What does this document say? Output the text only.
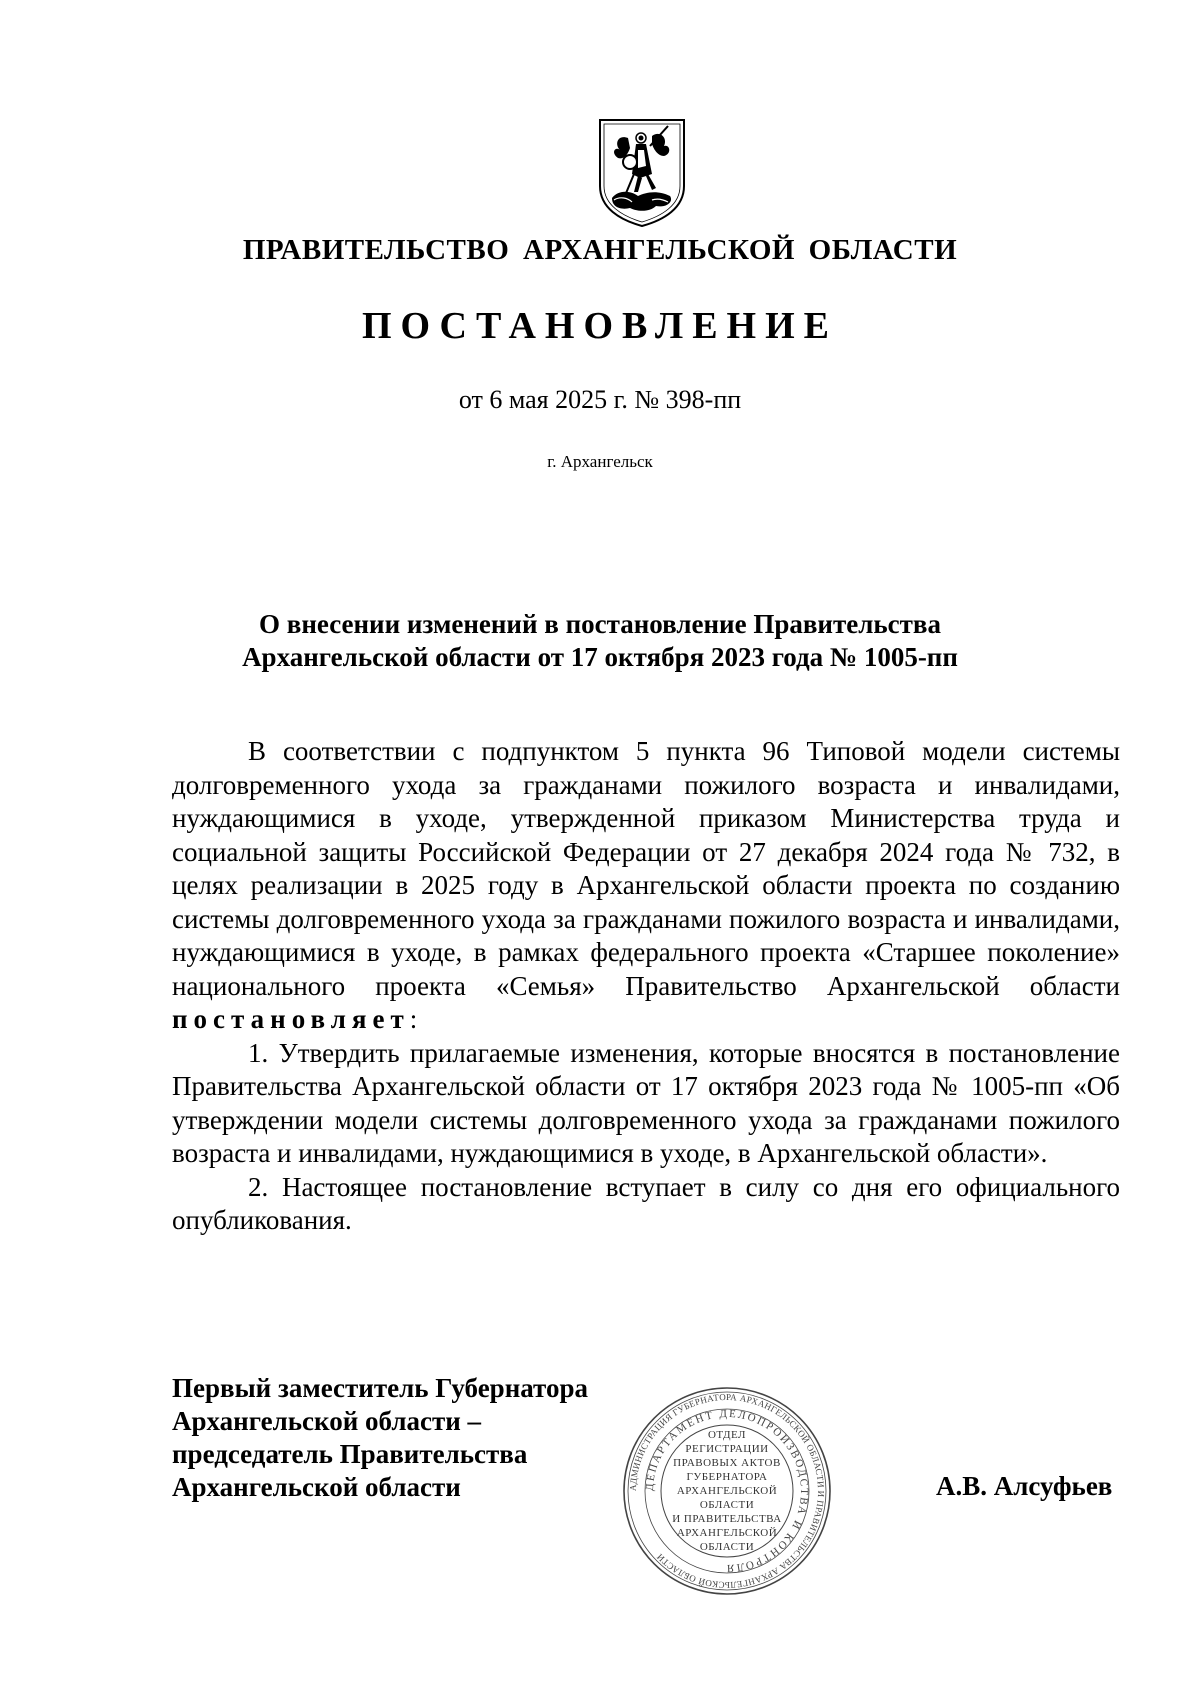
ПРАВИТЕЛЬСТВО АРХАНГЕЛЬСКОЙ ОБЛАСТИ
ПОСТАНОВЛЕНИЕ
от 6 мая 2025 г. № 398-пп
г. Архангельск
О внесении изменений в постановление Правительства
Архангельской области от 17 октября 2023 года № 1005-пп

В соответствии с подпунктом 5 пункта 96 Типовой модели системы долговременного ухода за гражданами пожилого возраста и инвалидами, нуждающимися в уходе, утвержденной приказом Министерства труда и социальной защиты Российской Федерации от 27 декабря 2024 года № 732, в целях реализации в 2025 году в Архангельской области проекта по созданию системы долговременного ухода за гражданами пожилого возраста и инвалидами, нуждающимися в уходе, в рамках федерального проекта «Старшее поколение» национального проекта «Семья» Правительство Архангельской области постановляет:

1. Утвердить прилагаемые изменения, которые вносятся в постановление Правительства Архангельской области от 17 октября 2023 года № 1005-пп «Об утверждении модели системы долговременного ухода за гражданами пожилого возраста и инвалидами, нуждающимися в уходе, в Архангельской области».

2. Настоящее постановление вступает в силу со дня его официального опубликования.

Первый заместитель Губернатора
Архангельской области –
председатель Правительства
Архангельской области	АДМИНИСТРАЦИЯ ГУБЕРНАТОРА АРХАНГЕЛЬСКОЙ ОБЛАСТИ И ПРАВИТЕЛЬСТВА АРХАНГЕЛЬСКОЙ ОБЛАСТИ
ДЕПАРТАМЕНТ ДЕЛОПРОИЗВОДСТВА И КОНТРОЛЯ
ОТДЕЛ
РЕГИСТРАЦИИ
ПРАВОВЫХ АКТОВ
ГУБЕРНАТОРА
АРХАНГЕЛЬСКОЙ
ОБЛАСТИ
И ПРАВИТЕЛЬСТВА
АРХАНГЕЛЬСКОЙ
ОБЛАСТИ
А.В. Алсуфьев
